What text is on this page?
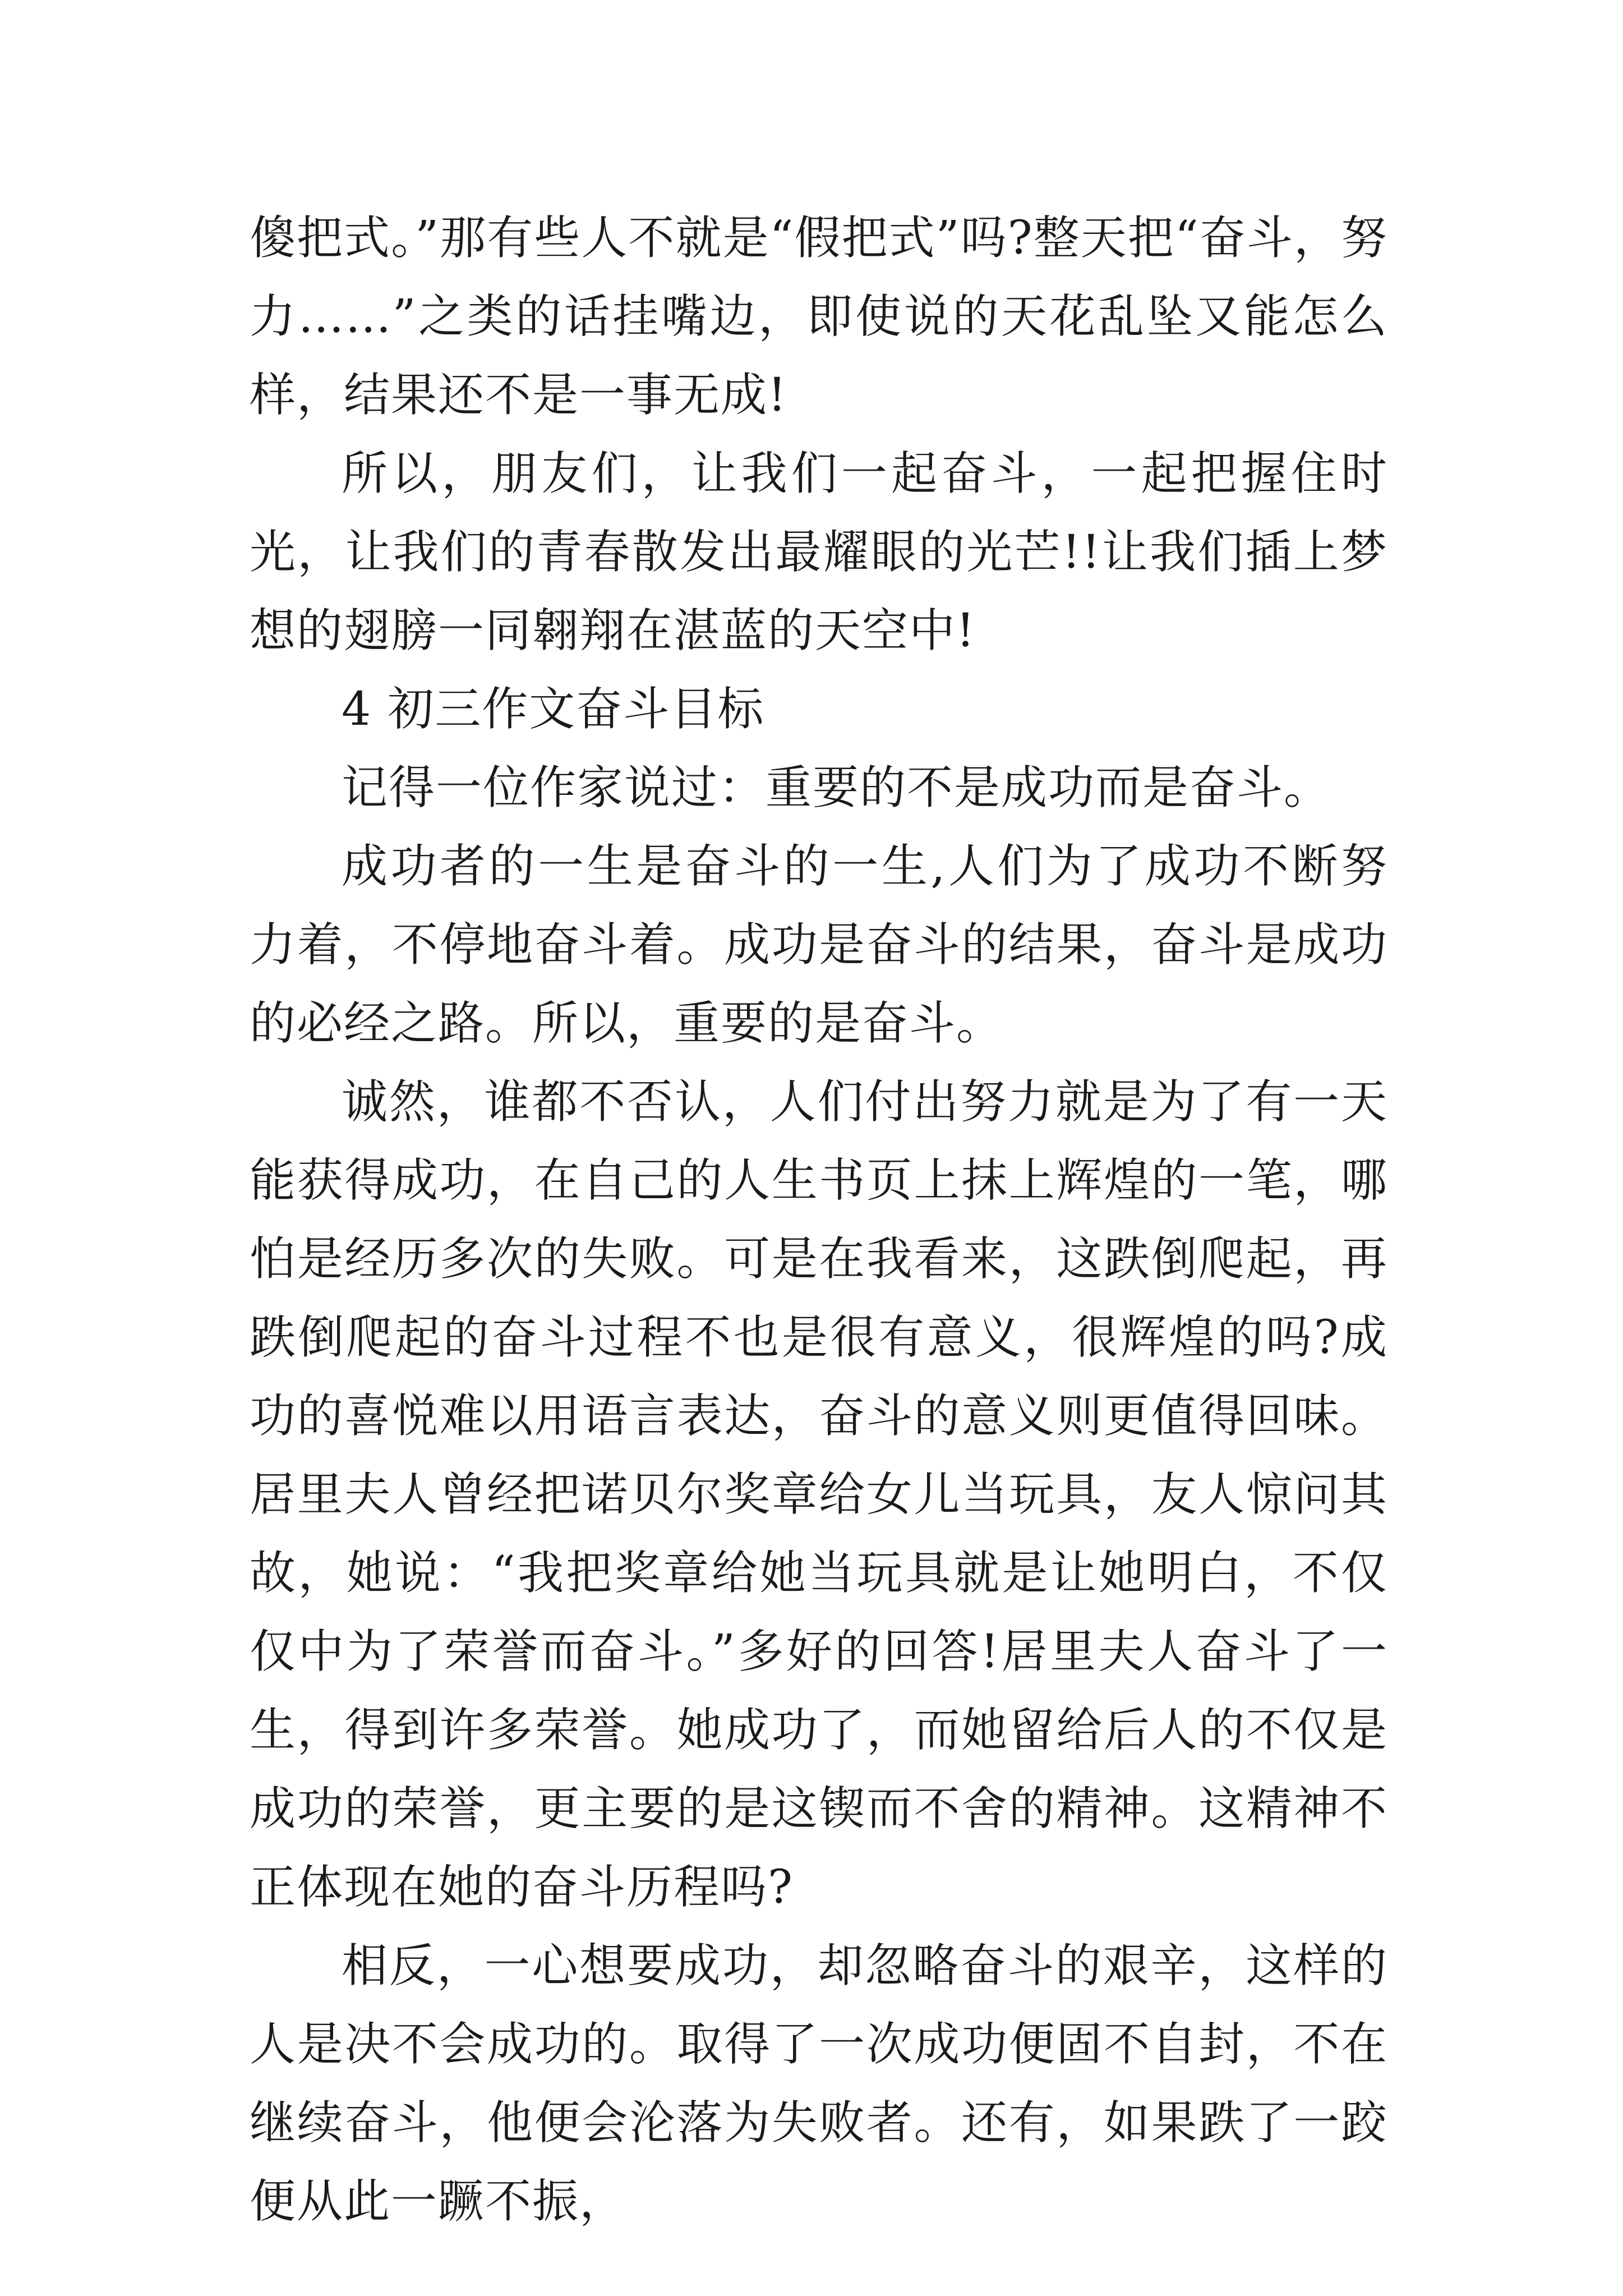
傻把式。”那有些人不就是“假把式”吗?整天把“奋斗，努力……”之类的话挂嘴边，即使说的天花乱坠又能怎么样，结果还不是一事无成!

所以，朋友们，让我们一起奋斗，一起把握住时光，让我们的青春散发出最耀眼的光芒!!让我们插上梦想的翅膀一同翱翔在湛蓝的天空中!

4 初三作文奋斗目标

记得一位作家说过：重要的不是成功而是奋斗。

成功者的一生是奋斗的一生,人们为了成功不断努力着，不停地奋斗着。成功是奋斗的结果，奋斗是成功的必经之路。所以，重要的是奋斗。

诚然，谁都不否认，人们付出努力就是为了有一天能获得成功，在自己的人生书页上抹上辉煌的一笔，哪怕是经历多次的失败。可是在我看来，这跌倒爬起，再跌倒爬起的奋斗过程不也是很有意义，很辉煌的吗?成功的喜悦难以用语言表达，奋斗的意义则更值得回味。居里夫人曾经把诺贝尔奖章给女儿当玩具，友人惊问其故，她说：“我把奖章给她当玩具就是让她明白，不仅仅中为了荣誉而奋斗。”多好的回答!居里夫人奋斗了一生，得到许多荣誉。她成功了，而她留给后人的不仅是成功的荣誉，更主要的是这锲而不舍的精神。这精神不正体现在她的奋斗历程吗?

相反，一心想要成功，却忽略奋斗的艰辛，这样的人是决不会成功的。取得了一次成功便固不自封，不在继续奋斗，他便会沦落为失败者。还有，如果跌了一跤便从此一蹶不振，
